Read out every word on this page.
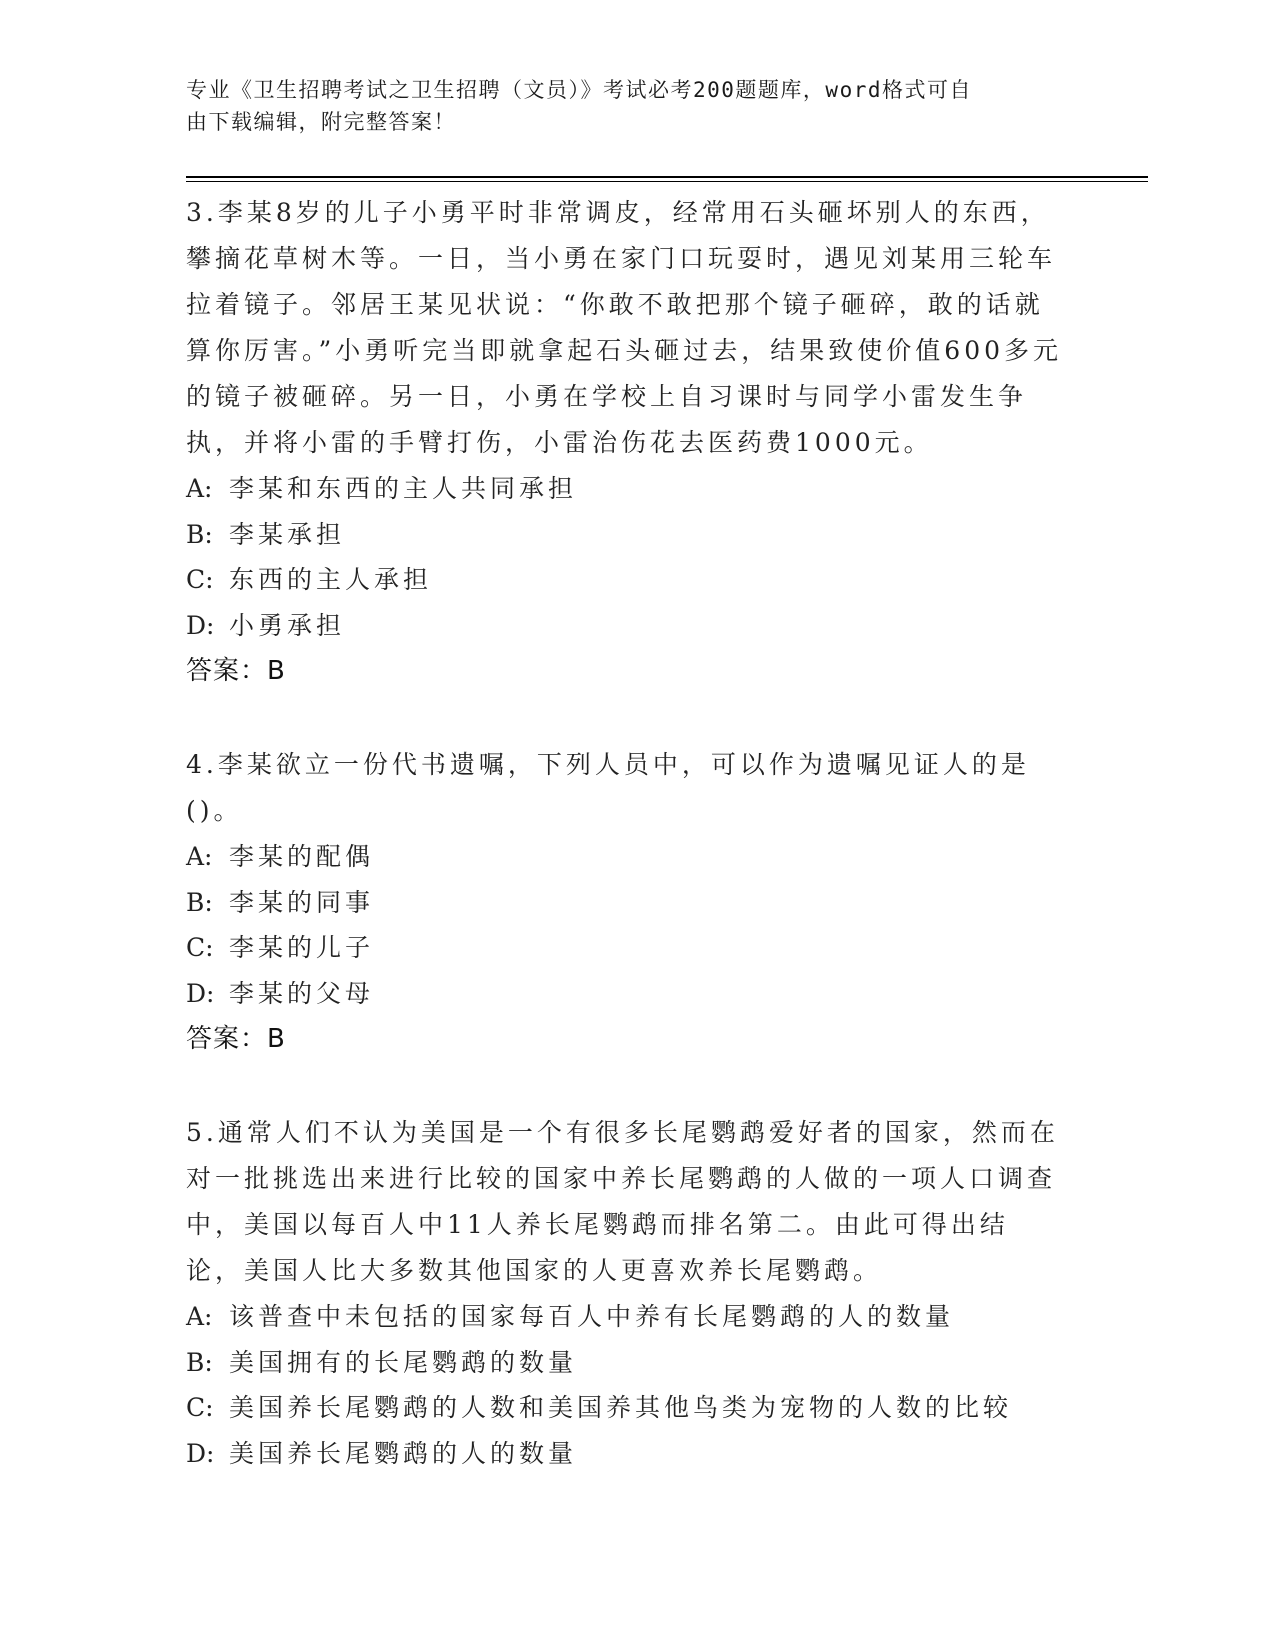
专业《卫生招聘考试之卫生招聘（文员）》考试必考200题题库，word格式可自
由下载编辑，附完整答案！
3.李某8岁的儿子小勇平时非常调皮，经常用石头砸坏别人的东西，攀摘花草树木等。一日，当小勇在家门口玩耍时，遇见刘某用三轮车拉着镜子。邻居王某见状说：“你敢不敢把那个镜子砸碎，敢的话就算你厉害。”小勇听完当即就拿起石头砸过去，结果致使价值600多元的镜子被砸碎。另一日，小勇在学校上自习课时与同学小雷发生争执，并将小雷的手臂打伤，小雷治伤花去医药费1000元。
A: 李某和东西的主人共同承担
B: 李某承担
C: 东西的主人承担
D: 小勇承担
答案：B
4.李某欲立一份代书遗嘱，下列人员中，可以作为遗嘱见证人的是()。
A: 李某的配偶
B: 李某的同事
C: 李某的儿子
D: 李某的父母
答案：B
5.通常人们不认为美国是一个有很多长尾鹦鹉爱好者的国家，然而在对一批挑选出来进行比较的国家中养长尾鹦鹉的人做的一项人口调查中，美国以每百人中11人养长尾鹦鹉而排名第二。由此可得出结论，美国人比大多数其他国家的人更喜欢养长尾鹦鹉。
A: 该普查中未包括的国家每百人中养有长尾鹦鹉的人的数量
B: 美国拥有的长尾鹦鹉的数量
C: 美国养长尾鹦鹉的人数和美国养其他鸟类为宠物的人数的比较
D: 美国养长尾鹦鹉的人的数量
